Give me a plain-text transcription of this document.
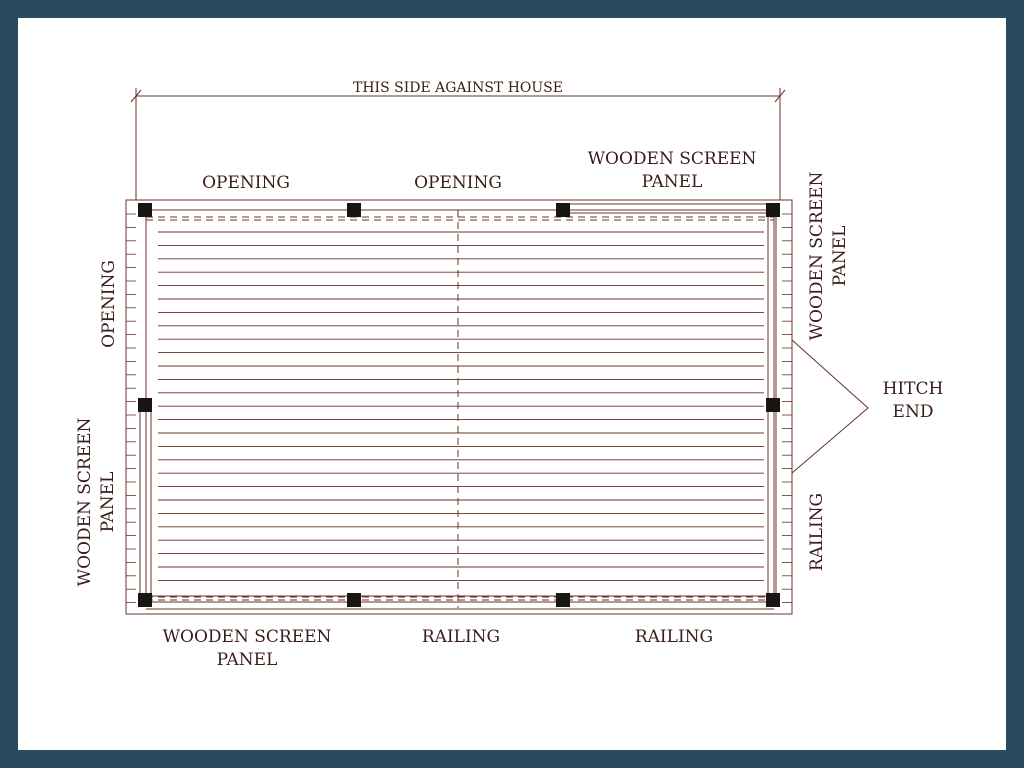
THIS SIDE AGAINST HOUSE
HITCH
END
OPENING	OPENING
WOODEN SCREEN
PANEL
WOODEN SCREEN
PANEL
RAILING	RAILING
OPENING
WOODEN SCREEN PANEL
WOODEN SCREEN PANEL
RAILING
